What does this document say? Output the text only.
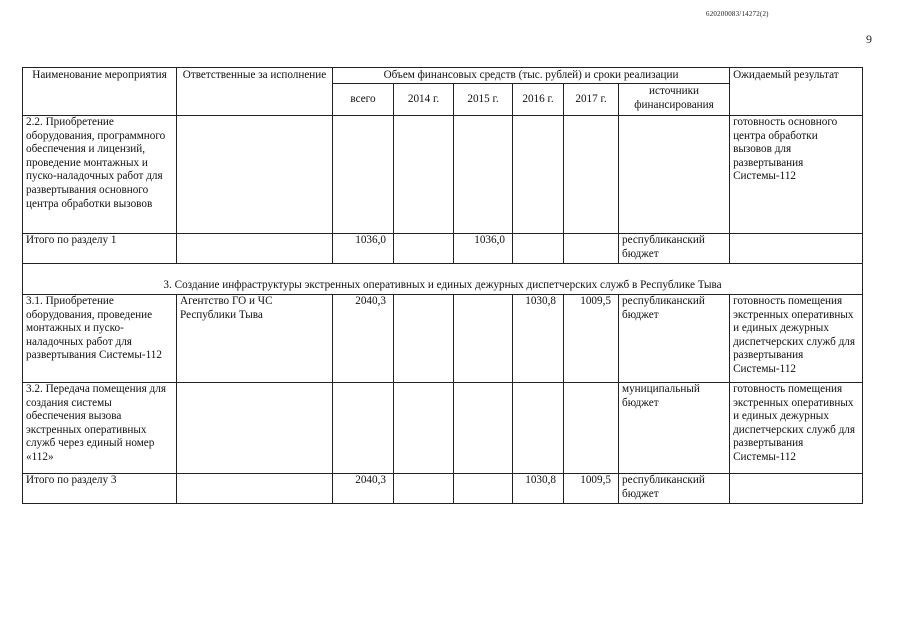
620200083/14272(2)
9
Наименование мероприятия	Ответственные за исполнение	Объем финансовых средств (тыс. рублей) и сроки реализации						Ожидаемый результат
		всего	2014 г.	2015 г.	2016 г.	2017 г.	источники финансирования	
2.2. Приобретение оборудования, программного обеспечения и лицензий, проведение монтажных и пуско-наладочных работ для развертывания основного центра обработки вызовов								готовность основного центра обработки вызовов для развертывания Системы-112
Итого по разделу 1		1036,0		1036,0			республиканский бюджет	
3. Создание инфраструктуры экстренных оперативных и единых дежурных диспетчерских служб в Республике Тыва								
3.1. Приобретение оборудования, проведение монтажных и пуско-наладочных работ для развертывания Системы-112	Агентство ГО и ЧС Республики Тыва	2040,3			1030,8	1009,5	республиканский бюджет	готовность помещения экстренных оперативных и единых дежурных диспетчерских служб для развертывания Системы-112
3.2. Передача помещения для создания системы обеспечения вызова экстренных оперативных служб через единый номер «112»							муниципальный бюджет	готовность помещения экстренных оперативных и единых дежурных диспетчерских служб для развертывания Системы-112
Итого по разделу 3		2040,3			1030,8	1009,5	республиканский бюджет	
